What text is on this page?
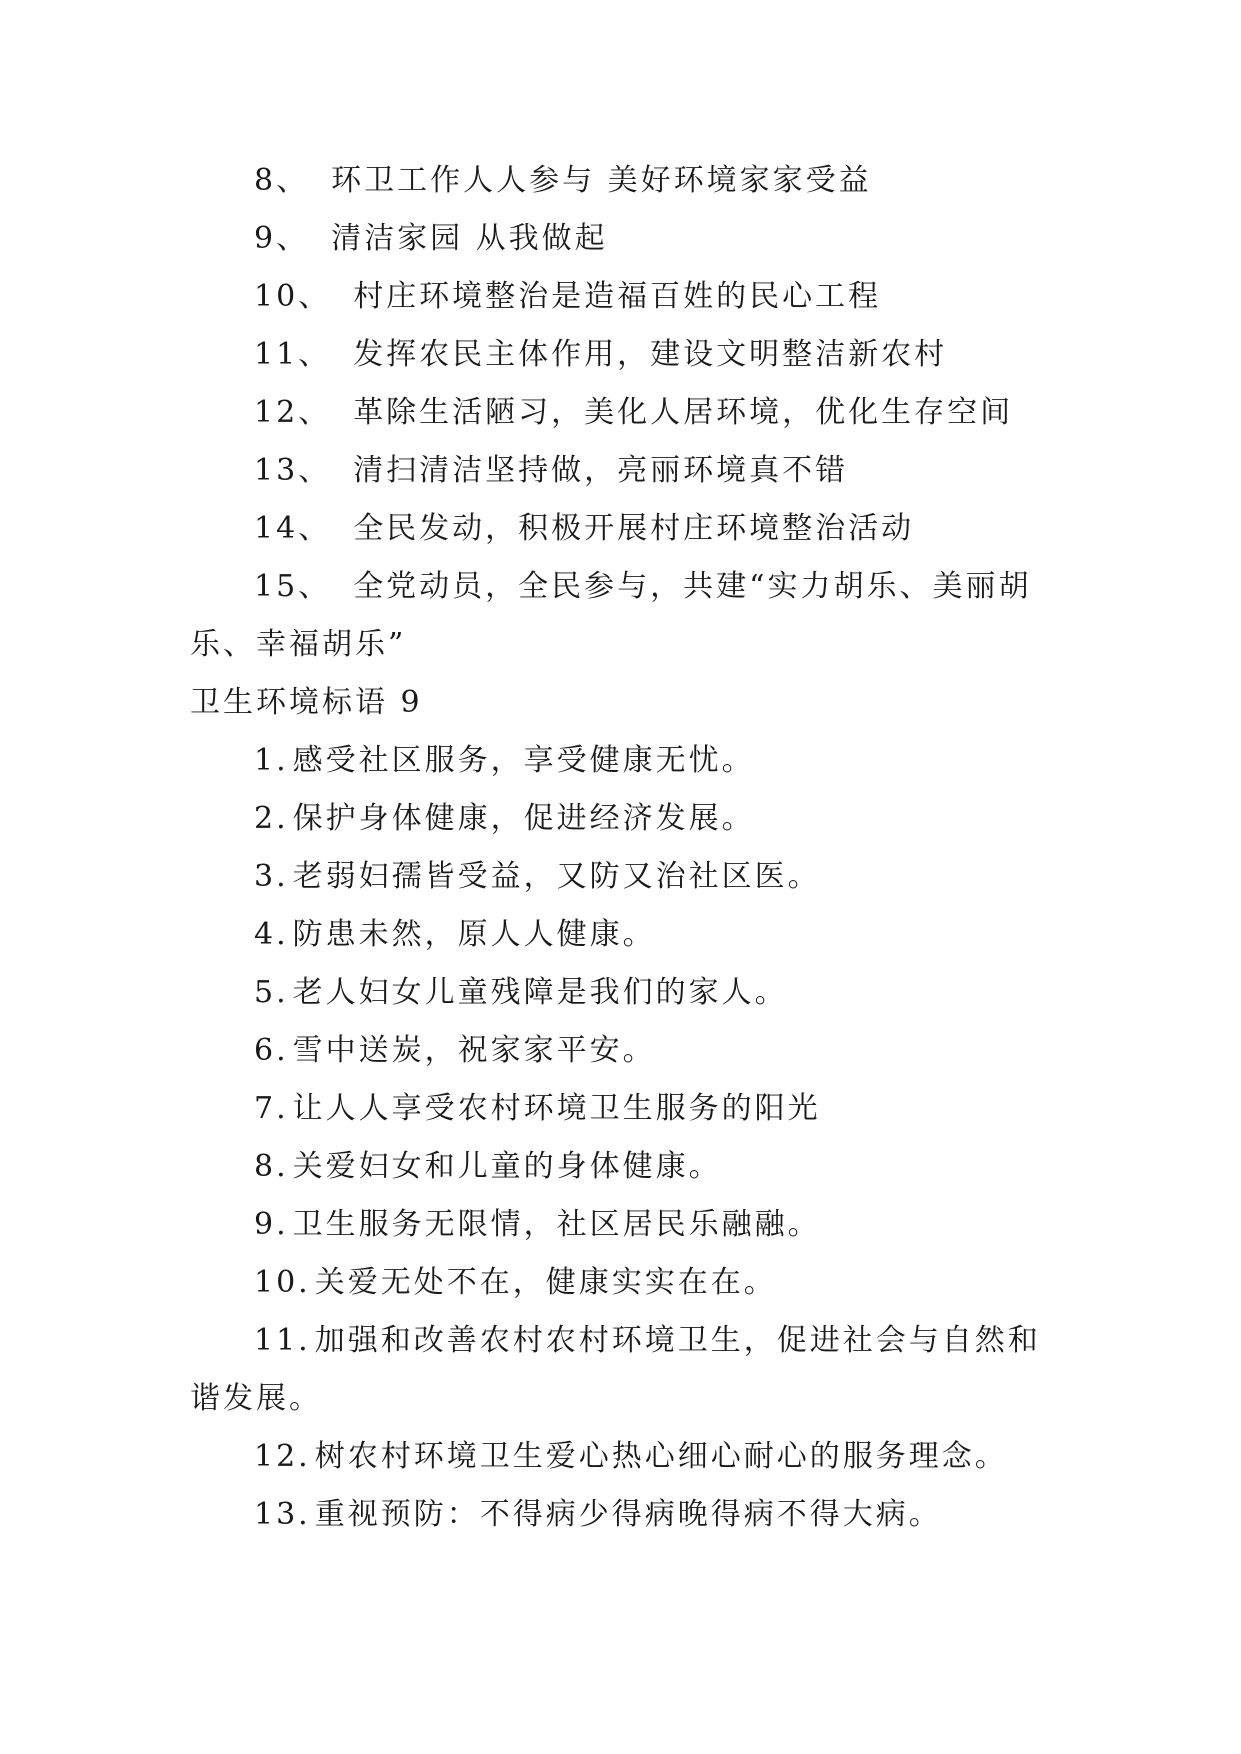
8、 环卫工作人人参与 美好环境家家受益
9、 清洁家园 从我做起
10、 村庄环境整治是造福百姓的民心工程
11、 发挥农民主体作用，建设文明整洁新农村
12、 革除生活陋习，美化人居环境，优化生存空间
13、 清扫清洁坚持做，亮丽环境真不错
14、 全民发动，积极开展村庄环境整治活动
15、 全党动员，全民参与，共建“实力胡乐、美丽胡
乐、幸福胡乐”
卫生环境标语 9
1. 感受社区服务，享受健康无忧。
2. 保护身体健康，促进经济发展。
3. 老弱妇孺皆受益，又防又治社区医。
4. 防患未然，原人人健康。
5. 老人妇女儿童残障是我们的家人。
6. 雪中送炭，祝家家平安。
7. 让人人享受农村环境卫生服务的阳光
8. 关爱妇女和儿童的身体健康。
9. 卫生服务无限情，社区居民乐融融。
10. 关爱无处不在，健康实实在在。
11. 加强和改善农村农村环境卫生，促进社会与自然和
谐发展。
12. 树农村环境卫生爱心热心细心耐心的服务理念。
13. 重视预防：不得病少得病晚得病不得大病。
